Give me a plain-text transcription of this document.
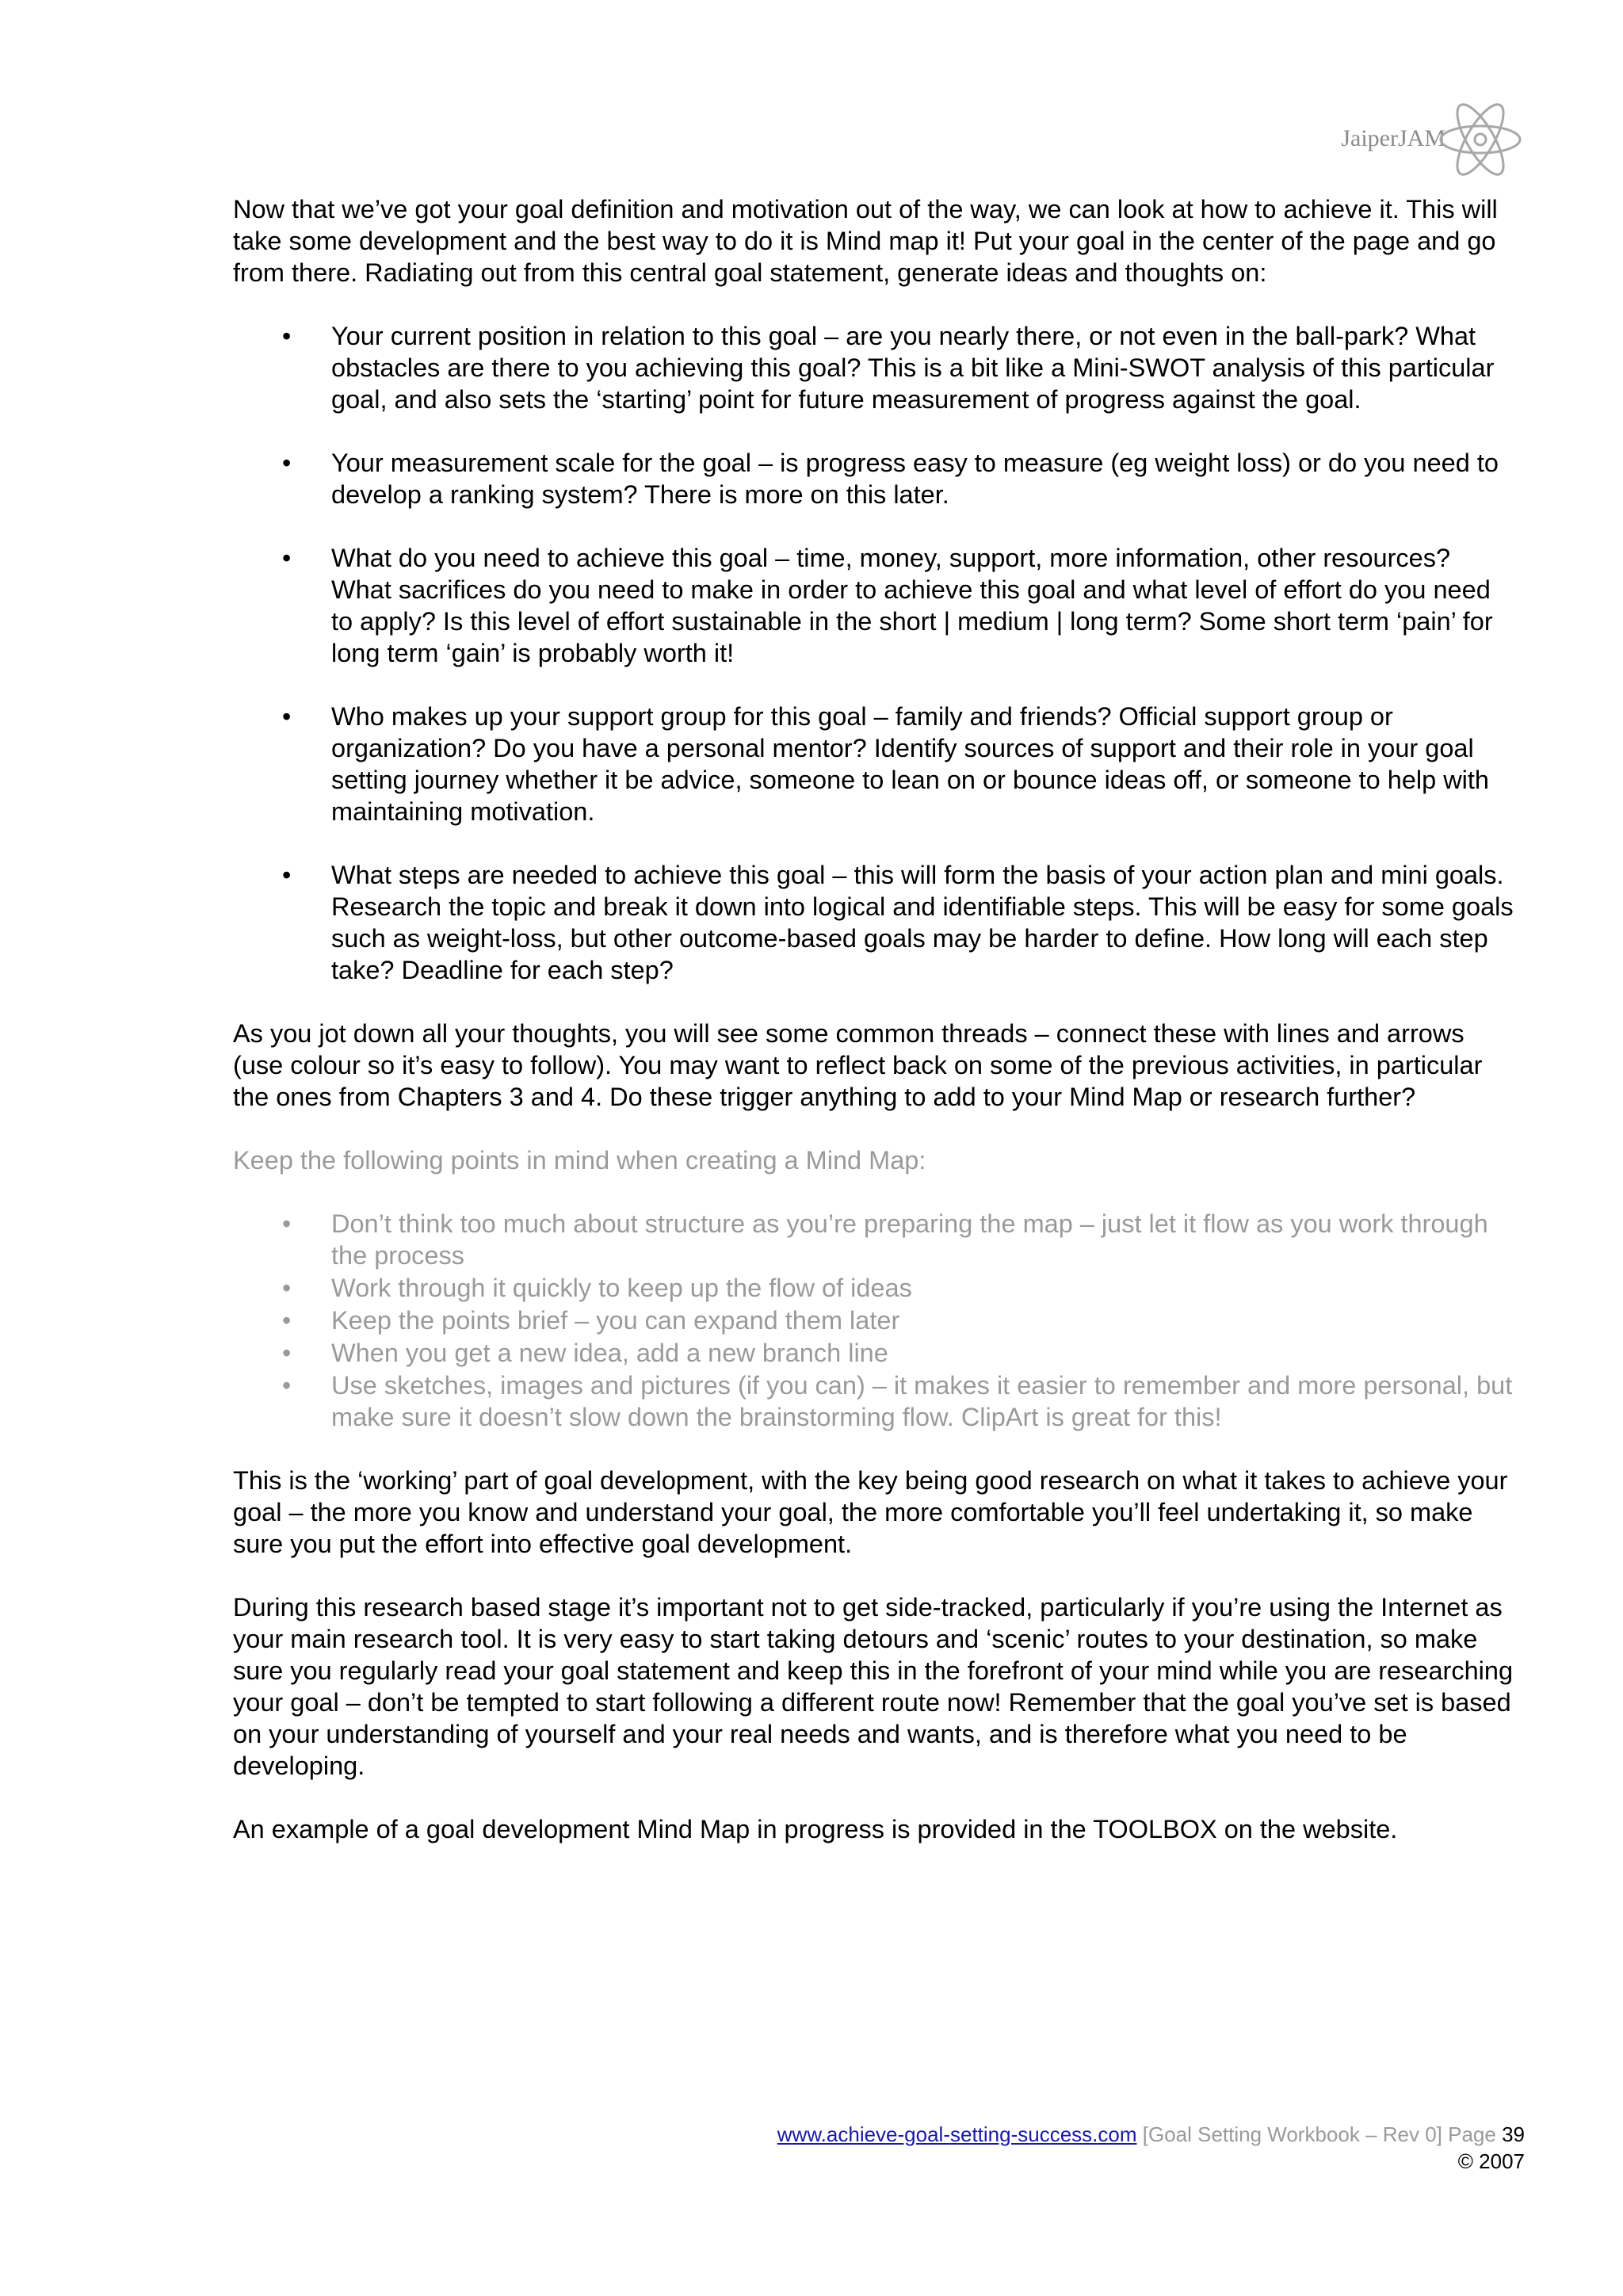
JaiperJAM

Now that we’ve got your goal definition and motivation out of the way, we can look at how to achieve it. This will take some development and the best way to do it is Mind map it! Put your goal in the center of the page and go from there. Radiating out from this central goal statement, generate ideas and thoughts on:

• Your current position in relation to this goal – are you nearly there, or not even in the ball-park? What obstacles are there to you achieving this goal? This is a bit like a Mini-SWOT analysis of this particular goal, and also sets the ‘starting’ point for future measurement of progress against the goal.
• Your measurement scale for the goal – is progress easy to measure (eg weight loss) or do you need to develop a ranking system? There is more on this later.
• What do you need to achieve this goal – time, money, support, more information, other resources? What sacrifices do you need to make in order to achieve this goal and what level of effort do you need to apply? Is this level of effort sustainable in the short | medium | long term? Some short term ‘pain’ for long term ‘gain’ is probably worth it!
• Who makes up your support group for this goal – family and friends? Official support group or organization? Do you have a personal mentor? Identify sources of support and their role in your goal setting journey whether it be advice, someone to lean on or bounce ideas off, or someone to help with maintaining motivation.
• What steps are needed to achieve this goal – this will form the basis of your action plan and mini goals. Research the topic and break it down into logical and identifiable steps. This will be easy for some goals such as weight-loss, but other outcome-based goals may be harder to define. How long will each step take? Deadline for each step?

As you jot down all your thoughts, you will see some common threads – connect these with lines and arrows (use colour so it’s easy to follow). You may want to reflect back on some of the previous activities, in particular the ones from Chapters 3 and 4. Do these trigger anything to add to your Mind Map or research further?

Keep the following points in mind when creating a Mind Map:

• Don’t think too much about structure as you’re preparing the map – just let it flow as you work through the process
• Work through it quickly to keep up the flow of ideas
• Keep the points brief – you can expand them later
• When you get a new idea, add a new branch line
• Use sketches, images and pictures (if you can) – it makes it easier to remember and more personal, but make sure it doesn’t slow down the brainstorming flow. ClipArt is great for this!

This is the ‘working’ part of goal development, with the key being good research on what it takes to achieve your goal – the more you know and understand your goal, the more comfortable you’ll feel undertaking it, so make sure you put the effort into effective goal development.

During this research based stage it’s important not to get side-tracked, particularly if you’re using the Internet as your main research tool. It is very easy to start taking detours and ‘scenic’ routes to your destination, so make sure you regularly read your goal statement and keep this in the forefront of your mind while you are researching your goal – don’t be tempted to start following a different route now! Remember that the goal you’ve set is based on your understanding of yourself and your real needs and wants, and is therefore what you need to be developing.

An example of a goal development Mind Map in progress is provided in the TOOLBOX on the website.

www.achieve-goal-setting-success.com [Goal Setting Workbook – Rev 0] Page 39
© 2007
